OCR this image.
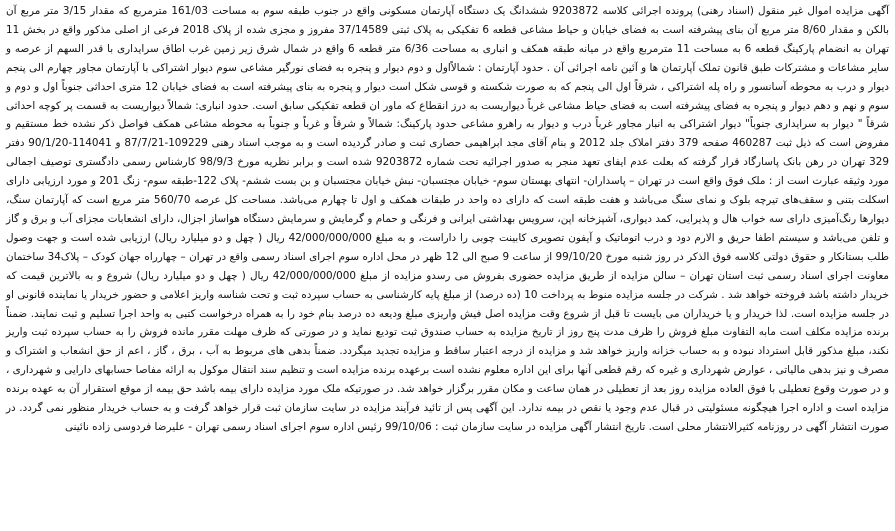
آگهی مزایده اموال غیر منقول (اسناد رهنی) پرونده اجرائی کلاسه 9203872 ششدانگ یک دستگاه آپارتمان مسکونی واقع در جنوب طبقه سوم به مساحت 161/03 مترمربع که مقدار 3/15 متر مربع آن بالکن و مقدار 8/60 متر مربع آن بنای پیشرفته است به فضای خیابان و حیاط مشاعی قطعه 6 تفکیکی به پلاک ثبتی 37/14589 مفروز و مجزی شده از پلاک 2018 فرعی از اصلی مذکور واقع در بخش 11 تهران به انضمام پارکینگ قطعه 6 به مساحت 11 مترمربع واقع در میانه طبقه همکف و انباری به مساحت 6/36 متر قطعه 6 واقع در شمال شرق زیر زمین غرب اطاق سرایداری با قدر السهم از عرصه و سایر مشاعات و مشترکات طبق قانون تملک آپارتمان ها و آئین نامه اجرائی آن . حدود آپارتمان : شمالاًاول و دوم دیوار و پنجره به فضای نورگیر مشاعی سوم دیوار اشتراکی با آپارتمان مجاور چهارم الی پنجم دیوار و درب به محوطه آسانسور و راه پله اشتراکی ، شرقاً اول الی پنجم که به صورت شکسته و قوسی شکل است دیوار و پنجره به بنای پیشرفته است به فضای خیابان 12 متری احداثی جنوباً اول و دوم و سوم و نهم و دهم دیوار و پنجره به فضای پیشرفته است به فضای حیاط مشاعی غرباً دیواریست به درز انقطاع که ماور ان قطعه تفکیکی سابق است. حدود انباری: شمالاً دیواریست به قسمت پر کوچه احداثی شرقاً " دیوار به سرایداری جنوباً" دیوار اشتراکی به انبار مجاور غرباً درب و دیوار به راهرو مشاعی حدود پارکینگ: شمالاً و شرقاً و غرباً و جنوباً به محوطه مشاعی همکف فواصل ذکر نشده خط مستقیم و مفروض است که ذیل ثبت 460287 صفحه 379 دفتر املاک جلد 2012 و بنام آقای مجد ابراهیمی حصاری ثبت و صادر گردیده است و به موجب اسناد رهنی 109229-87/7/21 و 114041-90/1/20 دفتر 329 تهران در رهن بانک پاسارگاد قرار گرفته که بعلت عدم ایفای تعهد منجر به صدور اجرائیه تحت شماره 9203872 شده است و برابر نظریه مورخ 98/9/3 کارشناس رسمی دادگستری توصیف اجمالی مورد وثیقه عبارت است از : ملک فوق واقع است در تهران – پاسداران- انتهای بهستان سوم- خیابان مجتسبان- نبش خیابان مجتسبان و بن بست ششم- پلاک 122-طبقه سوم- زنگ 201 و مورد ارزیابی دارای اسکلت بتنی و سقف‌های تیرچه بلوک و نمای سنگ می‌باشد و هفت طبقه است که دارای ده واحد در طبقات همکف و اول تا چهارم می‌باشد. مساحت کل عرصه 560/70 متر مربع است که آپارتمان سنگ، دیوارها رنگ‌آمیزی دارای سه خواب هال و پذیرایی، کمد دیواری، آشپزخانه اپن، سرویس بهداشتی ایرانی و فرنگی و حمام و گرمایش و سرمایش دستگاه هواساز اجزال، دارای انشعابات مجزای آب و برق و گاز و تلفن می‌باشد و سیستم اطفا حریق و الارم دود و درب اتوماتیک و آیفون تصویری کابینت چوبی را داراست، و به مبلغ 42/000/000/000 ریال ( چهل و دو میلیارد ریال) ارزیابی شده است و جهت وصول طلب بستانکار و حقوق دولتی کلاسه فوق الذکر در روز شنبه مورخ 99/10/20 از ساعت 9 صبح الی 12 ظهر در محل اداره سوم اجرای اسناد رسمی واقع در تهران – چهارراه جهان کودک – پلاک34 ساختمان معاونت اجرای اسناد رسمی ثبت استان تهران – سالن مزایده از طریق مزایده حضوری بفروش می رسدو مزایده از مبلغ 42/000/000/000 ریال ( چهل و دو میلیارد ریال) شروع و به بالاترین قیمت که خریدار داشته باشد فروخته خواهد شد . شرکت در جلسه مزایده منوط به پرداخت 10 (ده درصد) از مبلغ پایه کارشناسی به حساب سپرده ثبت و تحت شناسه واریز اعلامی و حضور خریدار یا نماینده قانونی او در جلسه مزایده است. لذا خریدار و یا خریداران می بایست تا قبل از شروع وقت مزایده اصل فیش واریزی مبلغ ودیعه ده درصد بنام خود را به همراه درخواست کتبی به واحد اجرا تسلیم و ثبت نمایند. ضمناً برنده مزایده مکلف است مابه التفاوت مبلغ فروش را ظرف مدت پنج روز از تاریخ مزایده به حساب صندوق ثبت تودیع نماید و در صورتی که ظرف مهلت مقرر مانده فروش را به حساب سپرده ثبت واریز نکند، مبلغ مذکور قابل استرداد نبوده و به حساب خزانه واریز خواهد شد و مزایده از درجه اعتبار ساقط و مزایده تجدید میگردد. ضمناً بدهی های مربوط به آب ، برق ، گاز ، اعم از حق انشعاب و اشتراک و مصرف و نیز بدهی مالیاتی ، عوارض شهرداری و غیره که رقم قطعی آنها برای این اداره معلوم نشده است برعهده برنده مزایده است و تنظیم سند انتقال موکول به ارائه مفاصا حسابهای دارایی و شهرداری ، و در صورت وقوع تعطیلی با فوق العاده مزایده روز بعد از تعطیلی در همان ساعت و مکان مقرر برگزار خواهد شد. در صورتیکه ملک مورد مزایده دارای بیمه باشد حق بیمه از موقع استقرار آن به عهده برنده مزایده است و اداره اجرا هیچگونه مسئولیتی در قبال عدم وجود یا نقص در بیمه ندارد. این آگهی پس از تائید فرآیند مزایده در سایت سازمان ثبت قرار خواهد گرفت و به حساب خریدار منظور نمی گردد. در صورت انتشار آگهی در روزنامه کثیرالانتشار محلی است. تاریخ انتشار آگهی مزایده در سایت سازمان ثبت : 99/10/06 رئیس اداره سوم اجرای اسناد رسمی تهران - علیرضا فردوسی زاده نائینی
